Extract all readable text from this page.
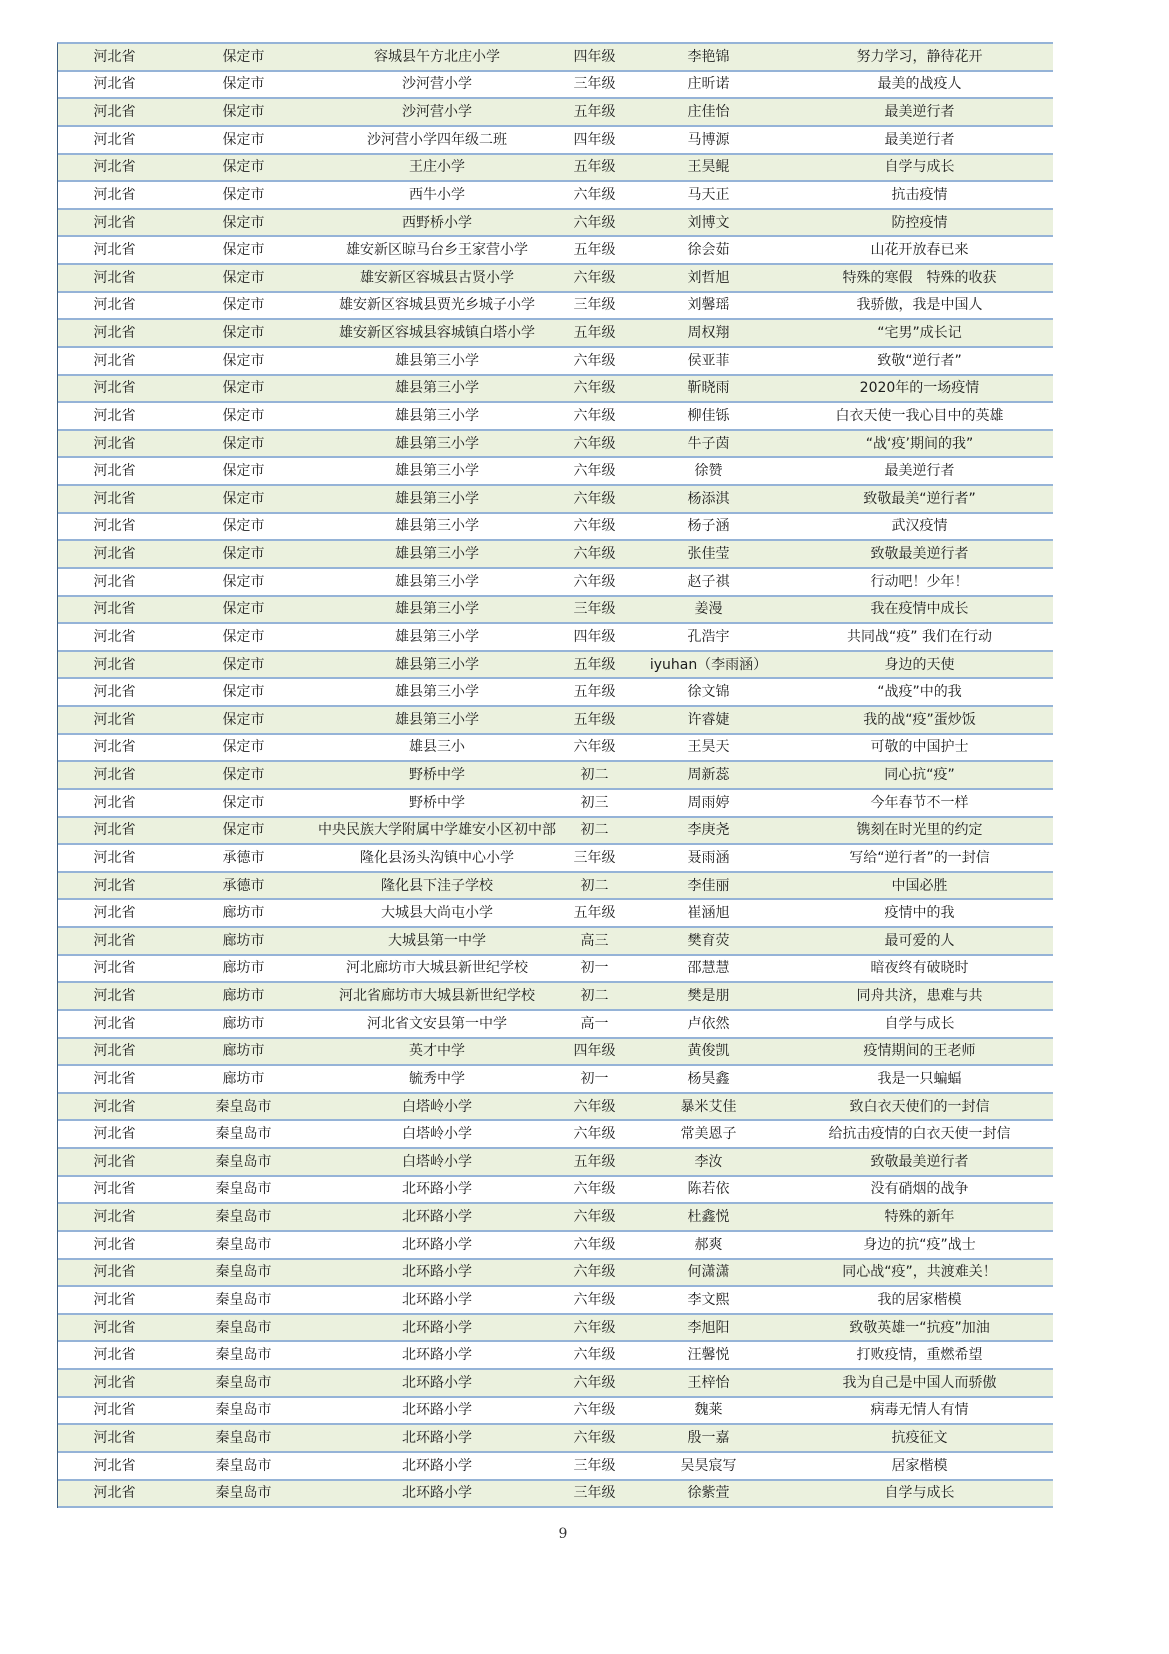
河北省	保定市	容城县午方北庄小学	四年级	李艳锦	努力学习，静待花开
河北省	保定市	沙河营小学	三年级	庄昕诺	最美的战疫人
河北省	保定市	沙河营小学	五年级	庄佳怡	最美逆行者
河北省	保定市	沙河营小学四年级二班	四年级	马博源	最美逆行者
河北省	保定市	王庄小学	五年级	王昊鲲	自学与成长
河北省	保定市	西牛小学	六年级	马天正	抗击疫情
河北省	保定市	西野桥小学	六年级	刘博文	防控疫情
河北省	保定市	雄安新区晾马台乡王家营小学	五年级	徐会茹	山花开放春已来
河北省	保定市	雄安新区容城县古贤小学	六年级	刘哲旭	特殊的寒假　特殊的收获
河北省	保定市	雄安新区容城县贾光乡城子小学	三年级	刘馨瑶	我骄傲，我是中国人
河北省	保定市	雄安新区容城县容城镇白塔小学	五年级	周权翔	“宅男”成长记
河北省	保定市	雄县第三小学	六年级	侯亚菲	致敬“逆行者”
河北省	保定市	雄县第三小学	六年级	靳晓雨	2020年的一场疫情
河北省	保定市	雄县第三小学	六年级	柳佳铄	白衣天使一我心目中的英雄
河北省	保定市	雄县第三小学	六年级	牛子茵	“战‘疫’期间的我”
河北省	保定市	雄县第三小学	六年级	徐赞	最美逆行者
河北省	保定市	雄县第三小学	六年级	杨添淇	致敬最美“逆行者”
河北省	保定市	雄县第三小学	六年级	杨子涵	武汉疫情
河北省	保定市	雄县第三小学	六年级	张佳莹	致敬最美逆行者
河北省	保定市	雄县第三小学	六年级	赵子祺	行动吧！少年！
河北省	保定市	雄县第三小学	三年级	姜漫	我在疫情中成长
河北省	保定市	雄县第三小学	四年级	孔浩宇	共同战“疫” 我们在行动
河北省	保定市	雄县第三小学	五年级	iyuhan（李雨涵）	身边的天使
河北省	保定市	雄县第三小学	五年级	徐文锦	“战疫”中的我
河北省	保定市	雄县第三小学	五年级	许睿婕	我的战“疫”蛋炒饭
河北省	保定市	雄县三小	六年级	王昊天	可敬的中国护士
河北省	保定市	野桥中学	初二	周新蕊	同心抗“疫”
河北省	保定市	野桥中学	初三	周雨婷	今年春节不一样
河北省	保定市	中央民族大学附属中学雄安小区初中部	初二	李庚尧	镌刻在时光里的约定
河北省	承德市	隆化县汤头沟镇中心小学	三年级	聂雨涵	写给“逆行者”的一封信
河北省	承德市	隆化县下洼子学校	初二	李佳丽	中国必胜
河北省	廊坊市	大城县大尚屯小学	五年级	崔涵旭	疫情中的我
河北省	廊坊市	大城县第一中学	高三	樊育荧	最可爱的人
河北省	廊坊市	河北廊坊市大城县新世纪学校	初一	邵慧慧	暗夜终有破晓时
河北省	廊坊市	河北省廊坊市大城县新世纪学校	初二	樊是朋	同舟共济，患难与共
河北省	廊坊市	河北省文安县第一中学	高一	卢依然	自学与成长
河北省	廊坊市	英才中学	四年级	黄俊凯	疫情期间的王老师
河北省	廊坊市	毓秀中学	初一	杨昊鑫	我是一只蝙蝠
河北省	秦皇岛市	白塔岭小学	六年级	暴米艾佳	致白衣天使们的一封信
河北省	秦皇岛市	白塔岭小学	六年级	常美恩子	给抗击疫情的白衣天使一封信
河北省	秦皇岛市	白塔岭小学	五年级	李汝	致敬最美逆行者
河北省	秦皇岛市	北环路小学	六年级	陈若依	没有硝烟的战争
河北省	秦皇岛市	北环路小学	六年级	杜鑫悦	特殊的新年
河北省	秦皇岛市	北环路小学	六年级	郝爽	身边的抗“疫”战士
河北省	秦皇岛市	北环路小学	六年级	何潇潇	同心战“疫”，共渡难关！
河北省	秦皇岛市	北环路小学	六年级	李文熙	我的居家楷模
河北省	秦皇岛市	北环路小学	六年级	李旭阳	致敬英雄一“抗疫”加油
河北省	秦皇岛市	北环路小学	六年级	汪馨悦	打败疫情，重燃希望
河北省	秦皇岛市	北环路小学	六年级	王梓怡	我为自己是中国人而骄傲
河北省	秦皇岛市	北环路小学	六年级	魏莱	病毒无情人有情
河北省	秦皇岛市	北环路小学	六年级	殷一嘉	抗疫征文
河北省	秦皇岛市	北环路小学	三年级	吴昊宸写	居家楷模
河北省	秦皇岛市	北环路小学	三年级	徐紫萱	自学与成长
9
